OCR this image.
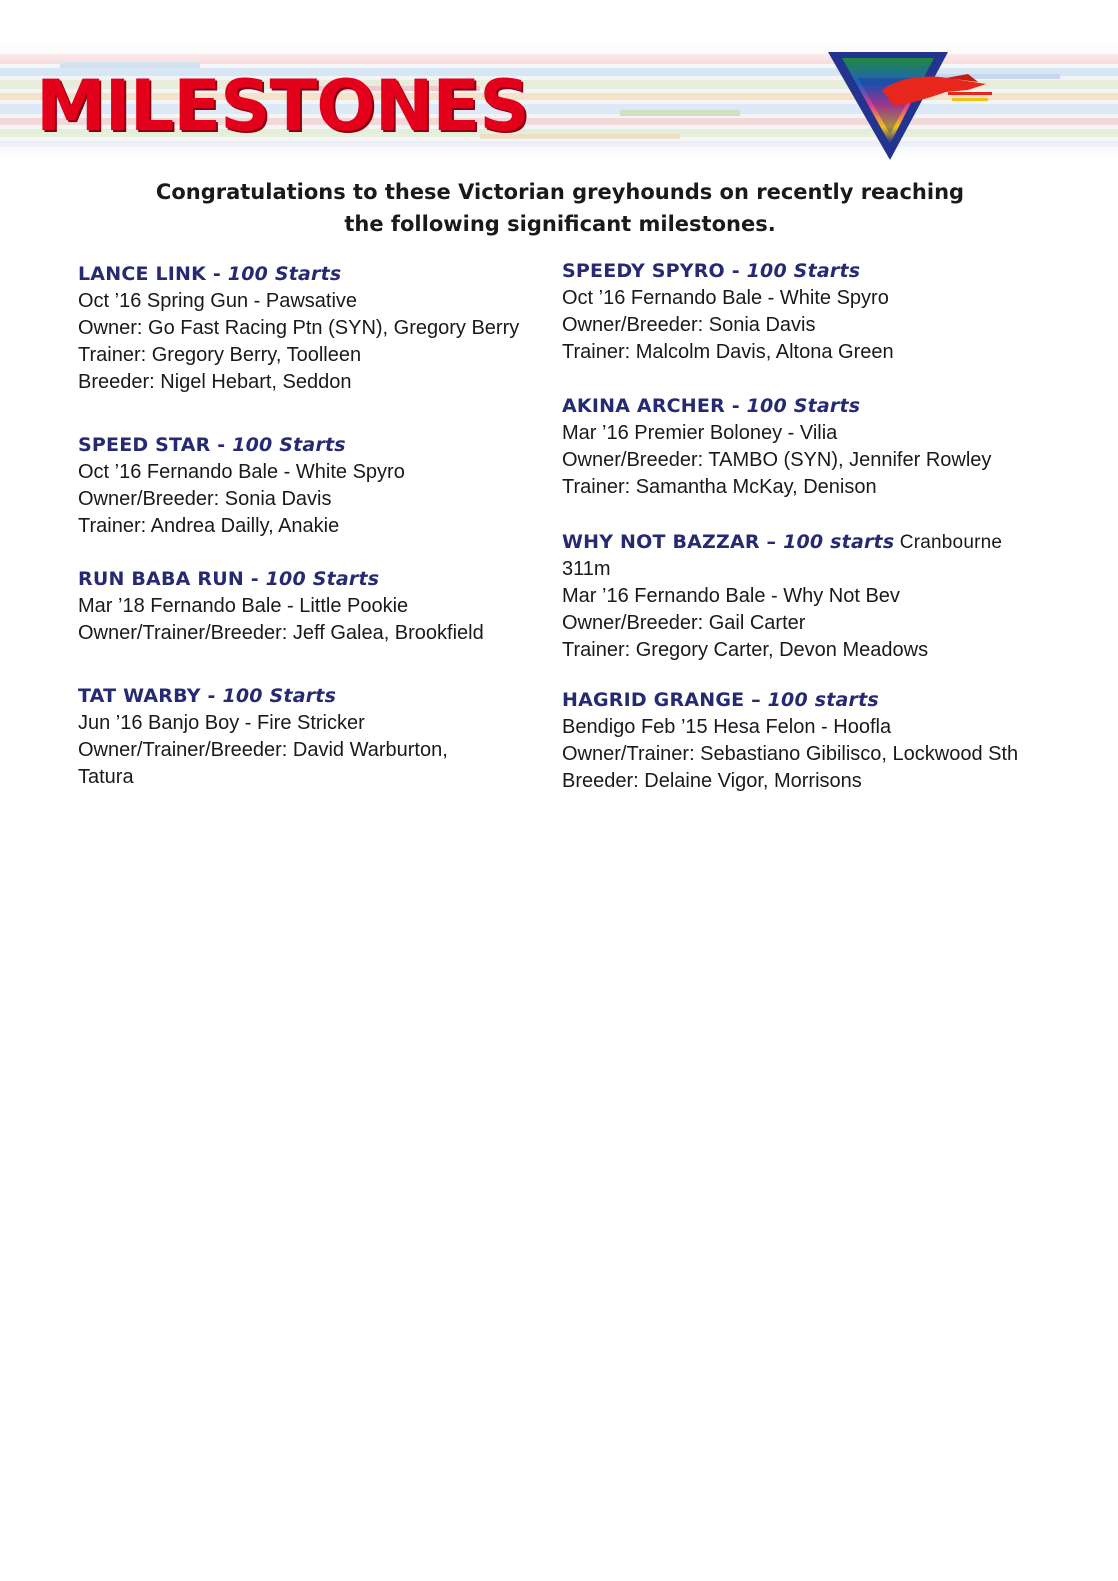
MILESTONES
Congratulations to these Victorian greyhounds on recently reaching
the following significant milestones.

LANCE LINK - 100 Starts

Oct ’16 Spring Gun - Pawsative

Owner: Go Fast Racing Ptn (SYN), Gregory Berry

Trainer: Gregory Berry, Toolleen

Breeder: Nigel Hebart, Seddon

SPEED STAR - 100 Starts

Oct ’16 Fernando Bale - White Spyro

Owner/Breeder: Sonia Davis

Trainer: Andrea Dailly, Anakie

RUN BABA RUN - 100 Starts

Mar ’18 Fernando Bale - Little Pookie

Owner/Trainer/Breeder: Jeff Galea, Brookfield

TAT WARBY - 100 Starts

Jun ’16 Banjo Boy - Fire Stricker

Owner/Trainer/Breeder: David Warburton,

Tatura

SPEEDY SPYRO - 100 Starts

Oct ’16 Fernando Bale - White Spyro

Owner/Breeder: Sonia Davis

Trainer: Malcolm Davis, Altona Green

AKINA ARCHER - 100 Starts

Mar ’16 Premier Boloney - Vilia

Owner/Breeder: TAMBO (SYN), Jennifer Rowley

Trainer: Samantha McKay, Denison

WHY NOT BAZZAR – 100 starts Cranbourne

311m

Mar ’16 Fernando Bale - Why Not Bev

Owner/Breeder: Gail Carter

Trainer: Gregory Carter, Devon Meadows

HAGRID GRANGE – 100 starts

Bendigo Feb ’15 Hesa Felon - Hoofla

Owner/Trainer: Sebastiano Gibilisco, Lockwood Sth

Breeder: Delaine Vigor, Morrisons
